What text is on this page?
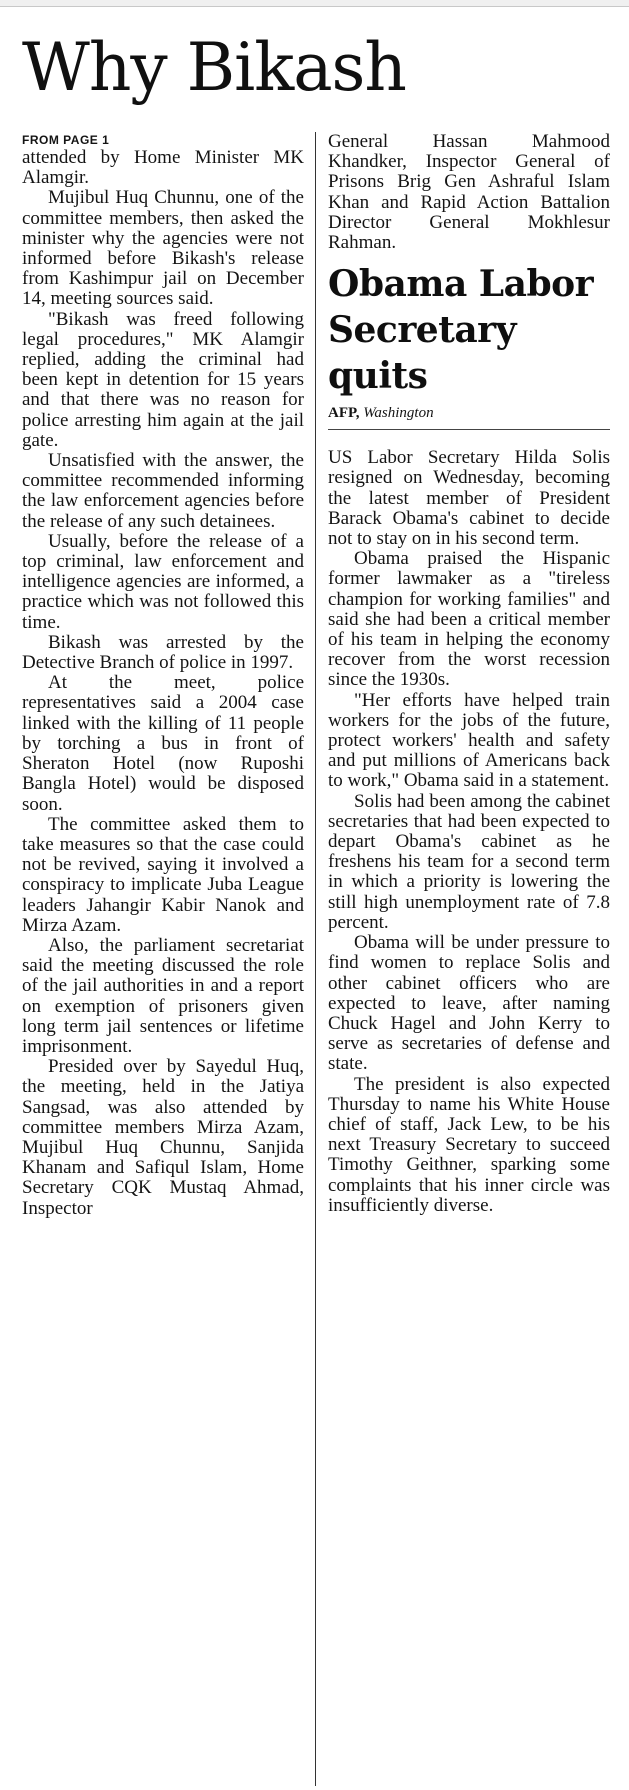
Why Bikash
FROM PAGE 1

attended by Home Minister MK Alamgir.

Mujibul Huq Chunnu, one of the committee members, then asked the minister why the agencies were not informed before Bikash's release from Kashimpur jail on December 14, meeting sources said.

"Bikash was freed following legal procedures," MK Alamgir replied, adding the criminal had been kept in detention for 15 years and that there was no reason for police arresting him again at the jail gate.

Unsatisfied with the answer, the committee recommended informing the law enforcement agencies before the release of any such detainees.

Usually, before the release of a top criminal, law enforcement and intelligence agencies are informed, a practice which was not followed this time.

Bikash was arrested by the Detective Branch of police in 1997.

At the meet, police representatives said a 2004 case linked with the killing of 11 people by torching a bus in front of Sheraton Hotel (now Ruposhi Bangla Hotel) would be disposed soon.

The committee asked them to take measures so that the case could not be revived, saying it involved a conspiracy to implicate Juba League leaders Jahangir Kabir Nanok and Mirza Azam.

Also, the parliament secretariat said the meeting discussed the role of the jail authorities in and a report on exemption of prisoners given long term jail sentences or lifetime imprisonment.

Presided over by Sayedul Huq, the meeting, held in the Jatiya Sangsad, was also attended by committee members Mirza Azam, Mujibul Huq Chunnu, Sanjida Khanam and Safiqul Islam, Home Secretary CQK Mustaq Ahmad, Inspector

General Hassan Mahmood Khandker, Inspector General of Prisons Brig Gen Ashraful Islam Khan and Rapid Action Battalion Director General Mokhlesur Rahman.

Obama Labor Secretary quits
AFP, Washington

US Labor Secretary Hilda Solis resigned on Wednesday, becoming the latest member of President Barack Obama's cabinet to decide not to stay on in his second term.

Obama praised the Hispanic former lawmaker as a "tireless champion for working families" and said she had been a critical member of his team in helping the economy recover from the worst recession since the 1930s.

"Her efforts have helped train workers for the jobs of the future, protect workers' health and safety and put millions of Americans back to work," Obama said in a statement.

Solis had been among the cabinet secretaries that had been expected to depart Obama's cabinet as he freshens his team for a second term in which a priority is lowering the still high unemployment rate of 7.8 percent.

Obama will be under pressure to find women to replace Solis and other cabinet officers who are expected to leave, after naming Chuck Hagel and John Kerry to serve as secretaries of defense and state.

The president is also expected Thursday to name his White House chief of staff, Jack Lew, to be his next Treasury Secretary to succeed Timothy Geithner, sparking some complaints that his inner circle was insufficiently diverse.
